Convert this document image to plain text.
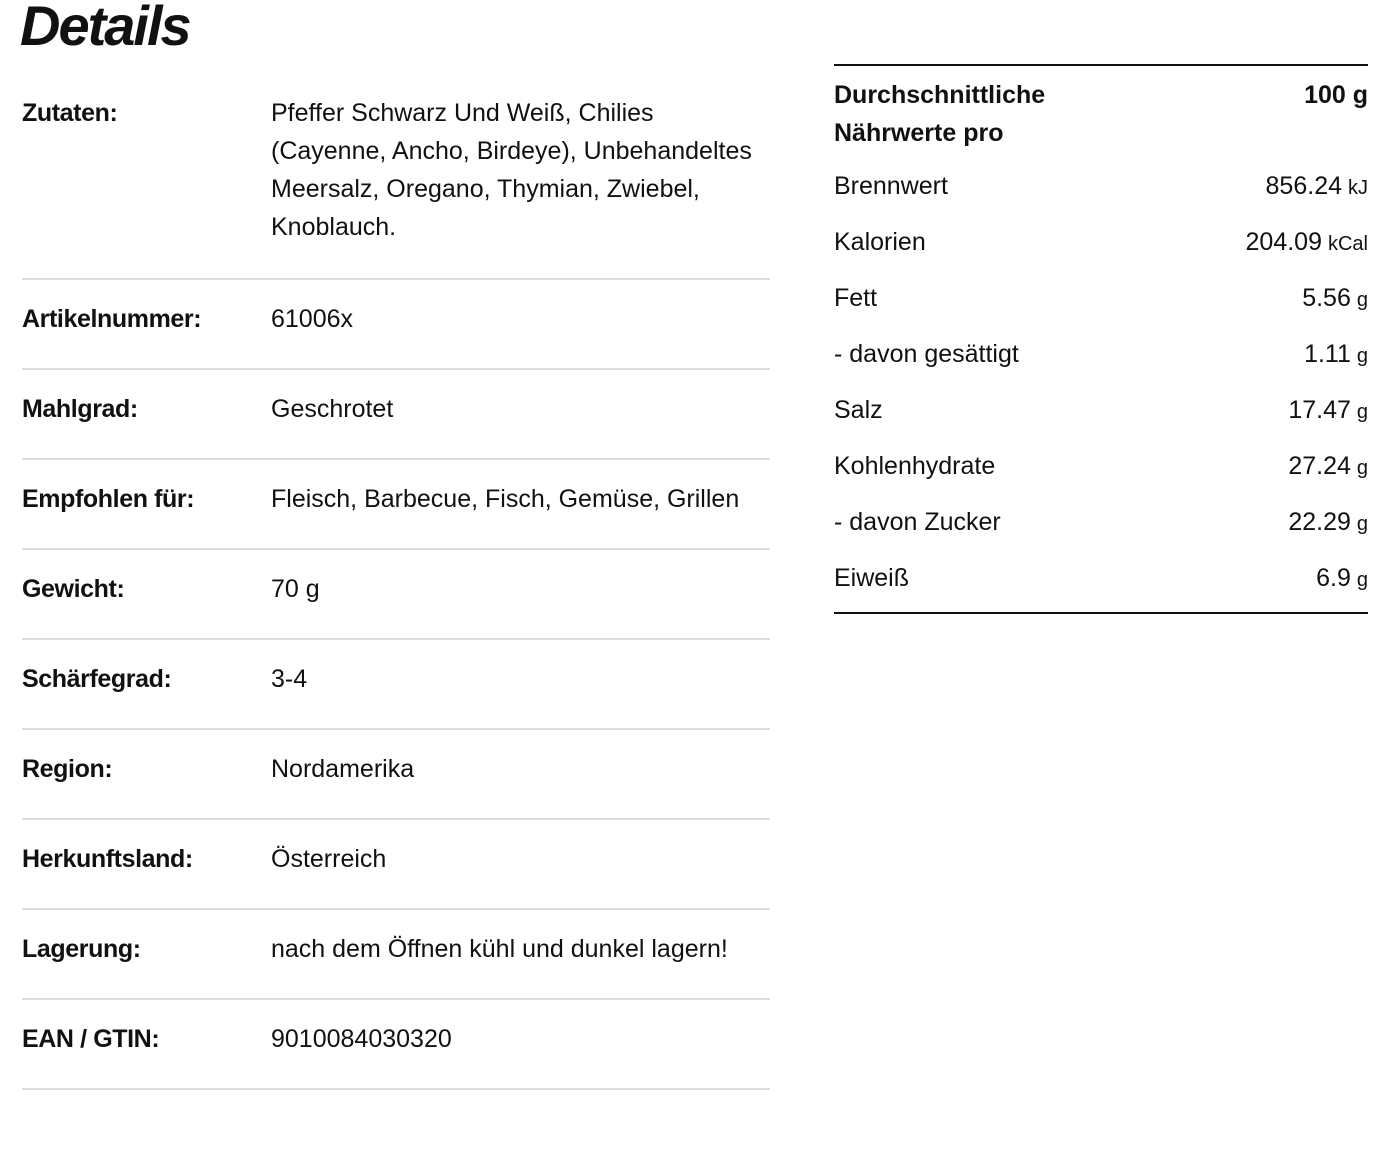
Details
Zutaten:	Pfeffer Schwarz Und Weiß, Chilies (Cayenne, Ancho, Birdeye), Unbehandeltes Meersalz, Oregano, Thymian, Zwiebel, Knoblauch.
Artikelnummer:	61006x
Mahlgrad:	Geschrotet
Empfohlen für:	Fleisch, Barbecue, Fisch, Gemüse, Grillen
Gewicht:	70 g
Schärfegrad:	3-4
Region:	Nordamerika
Herkunftsland:	Österreich
Lagerung:	nach dem Öffnen kühl und dunkel lagern!
EAN / GTIN:	9010084030320
Durchschnittliche Nährwerte pro
100 g
Brennwert	856.24 kJ
Kalorien	204.09 kCal
Fett	5.56 g
- davon gesättigt	1.11 g
Salz	17.47 g
Kohlenhydrate	27.24 g
- davon Zucker	22.29 g
Eiweiß	6.9 g
